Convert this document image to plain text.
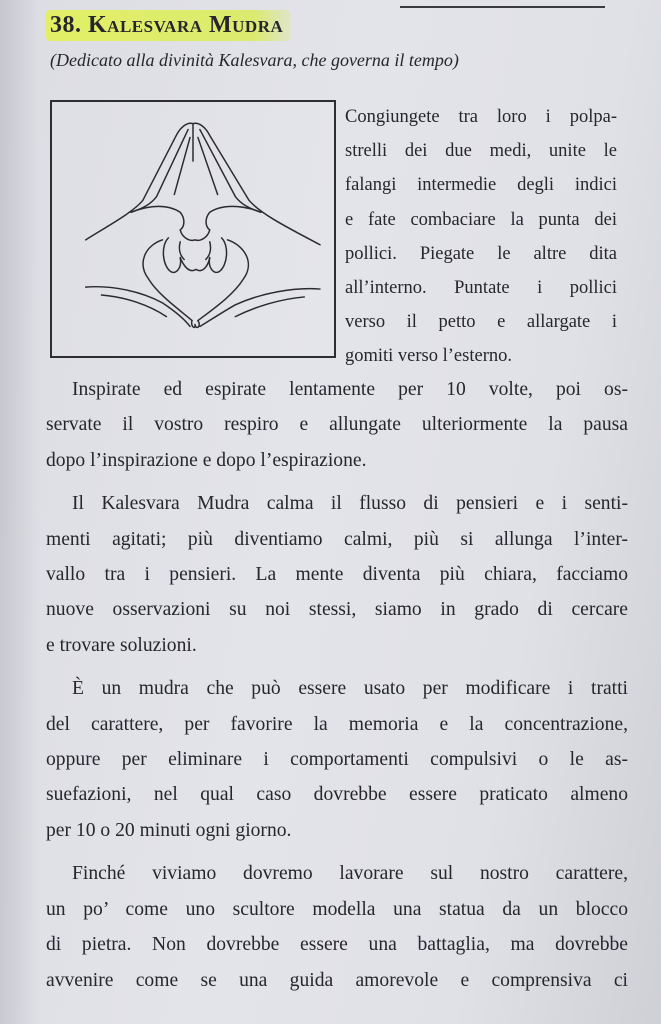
38. Kalesvara Mudra
(Dedicato alla divinità Kalesvara, che governa il tempo)
Congiungete tra loro i polpa-
strelli dei due medi, unite le
falangi intermedie degli indici
e fate combaciare la punta dei
pollici. Piegate le altre dita
all’interno. Puntate i pollici
verso il petto e allargate i
gomiti verso l’esterno.
Inspirate ed espirate lentamente per 10 volte, poi os-
servate il vostro respiro e allungate ulteriormente la pausa
dopo l’inspirazione e dopo l’espirazione.
Il Kalesvara Mudra calma il flusso di pensieri e i senti-
menti agitati; più diventiamo calmi, più si allunga l’inter-
vallo tra i pensieri. La mente diventa più chiara, facciamo
nuove osservazioni su noi stessi, siamo in grado di cercare
e trovare soluzioni.
È un mudra che può essere usato per modificare i tratti
del carattere, per favorire la memoria e la concentrazione,
oppure per eliminare i comportamenti compulsivi o le as-
suefazioni, nel qual caso dovrebbe essere praticato almeno
per 10 o 20 minuti ogni giorno.
Finché viviamo dovremo lavorare sul nostro carattere,
un po’ come uno scultore modella una statua da un blocco
di pietra. Non dovrebbe essere una battaglia, ma dovrebbe
avvenire come se una guida amorevole e comprensiva ci
